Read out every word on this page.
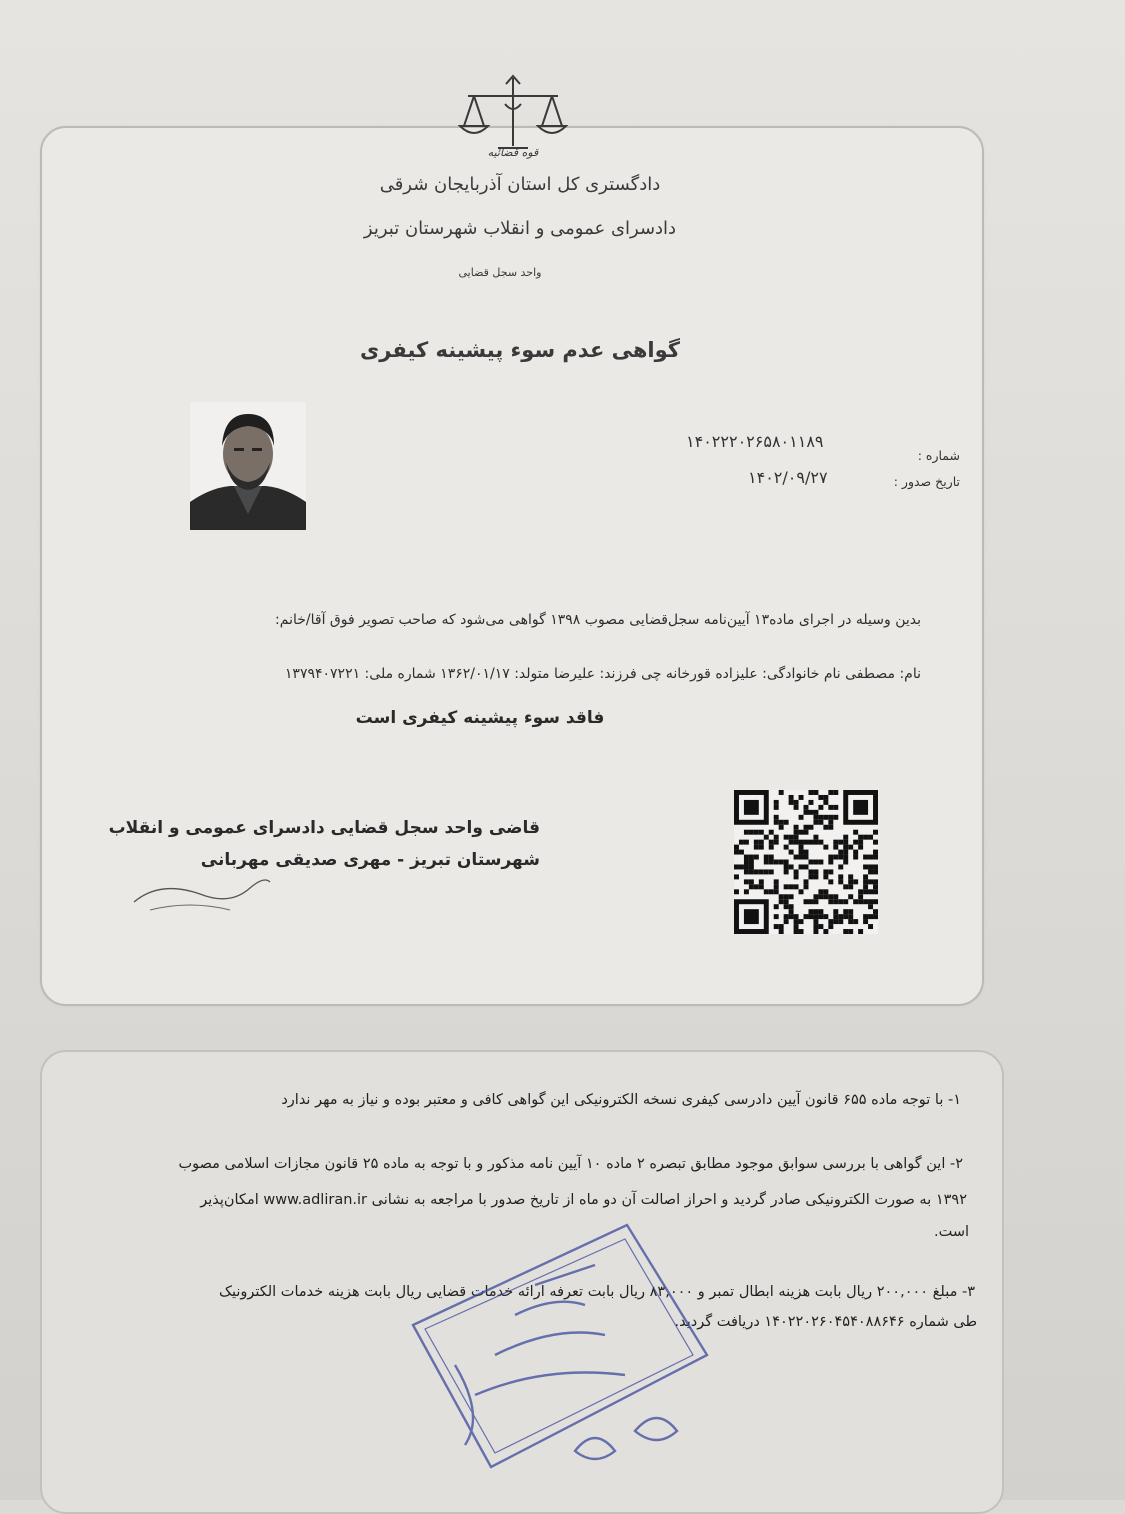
قوه قضائیه
دادگستری کل استان آذربایجان شرقی
دادسرای عمومی و انقلاب شهرستان تبریز
واحد سجل قضایی
گواهی عدم سوء پیشینه کیفری
شماره :
۱۴۰۲۲۲۰۲۶۵۸۰۱۱۸۹
تاریخ صدور :
۱۴۰۲/۰۹/۲۷
بدین وسیله در اجرای ماده۱۳ آیین‌نامه سجل‌قضایی مصوب ۱۳۹۸ گواهی می‌شود که صاحب تصویر فوق آقا/خانم:
نام: مصطفی نام خانوادگی: علیزاده قورخانه چی فرزند: علیرضا متولد: ۱۳۶۲/۰۱/۱۷ شماره ملی: ۱۳۷۹۴۰۷۲۲۱
فاقد سوء پیشینه کیفری است
قاضی واحد سجل قضایی دادسرای عمومی و انقلاب
شهرستان تبریز - مهری صدیقی مهربانی
۱- با توجه ماده ۶۵۵ قانون آیین دادرسی کیفری نسخه الکترونیکی این گواهی کافی و معتبر بوده و نیاز به مهر ندارد
۲- این گواهی با بررسی سوابق موجود مطابق تبصره ۲ ماده ۱۰ آیین نامه مذکور و با توجه به ماده ۲۵ قانون مجازات اسلامی مصوب
۱۳۹۲ به صورت الکترونیکی صادر گردید و احراز اصالت آن دو ماه از تاریخ صدور با مراجعه به نشانی www.adliran.ir امکان‌پذیر
است.
۳- مبلغ ۲۰۰,۰۰۰ ریال بابت هزینه ابطال تمبر و ۸۳,۰۰۰ ریال بابت تعرفه ارائه خدمات قضایی ریال بابت هزینه خدمات الکترونیک
طی شماره ۱۴۰۲۲۰۲۶۰۴۵۴۰۸۸۶۴۶ دریافت گردید.
